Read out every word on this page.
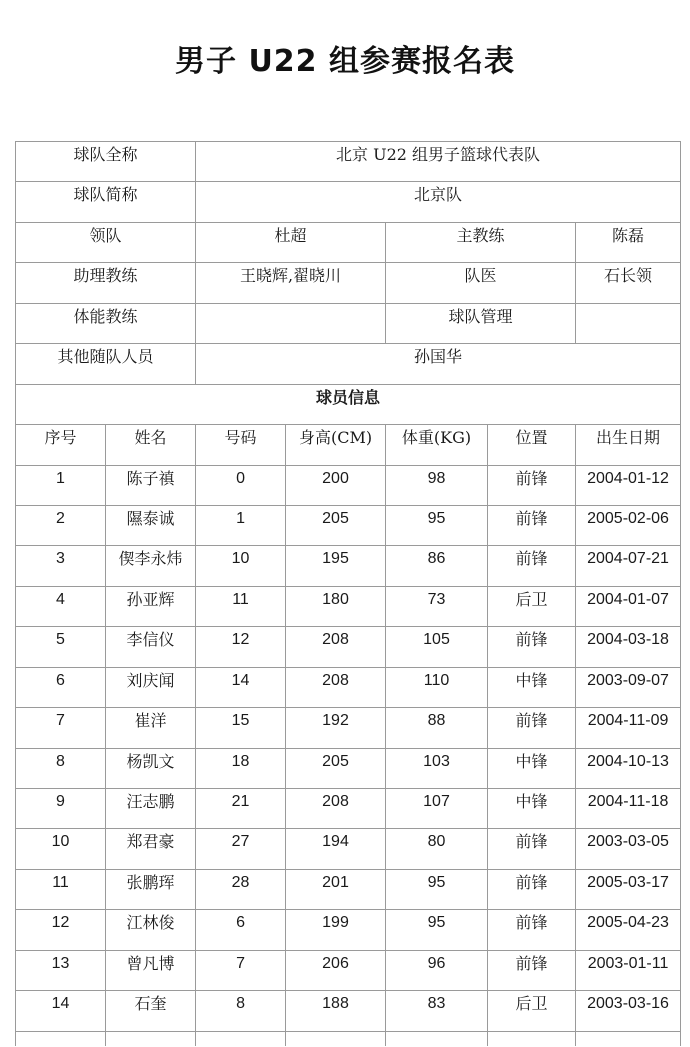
男子 U22 组参赛报名表
球队全称		北京 U22 组男子篮球代表队				
球队简称		北京队				
领队		杜超		主教练		陈磊
助理教练		王晓辉,翟晓川		队医		石长领
体能教练				球队管理		
其他随队人员		孙国华				
球员信息						
序号	姓名	号码	身高(CM)	体重(KG)	位置	出生日期
1	陈子禛	0	200	98	前锋	2004-01-12
2	隰泰诚	1	205	95	前锋	2005-02-06
3	偰李永炜	10	195	86	前锋	2004-07-21
4	孙亚辉	11	180	73	后卫	2004-01-07
5	李信仪	12	208	105	前锋	2004-03-18
6	刘庆闻	14	208	110	中锋	2003-09-07
7	崔洋	15	192	88	前锋	2004-11-09
8	杨凯文	18	205	103	中锋	2004-10-13
9	汪志鹏	21	208	107	中锋	2004-11-18
10	郑君豪	27	194	80	前锋	2003-03-05
11	张鹏珲	28	201	95	前锋	2005-03-17
12	江林俊	6	199	95	前锋	2005-04-23
13	曾凡博	7	206	96	前锋	2003-01-11
14	石奎	8	188	83	后卫	2003-03-16
